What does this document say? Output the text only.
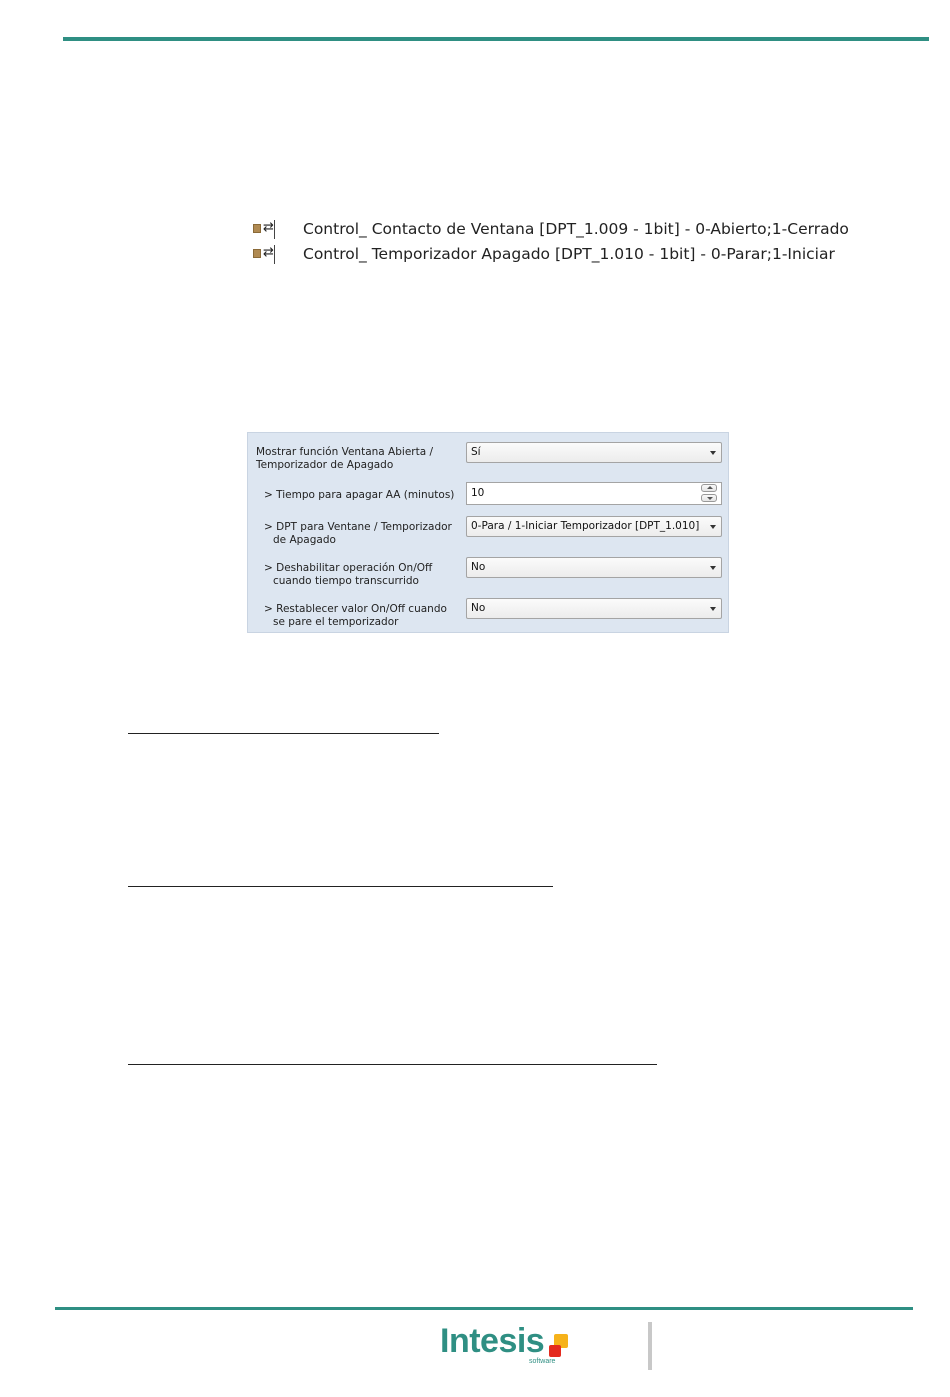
⇄ Control_ Contacto de Ventana [DPT_1.009 - 1bit] - 0-Abierto;1-Cerrado
⇄ Control_ Temporizador Apagado [DPT_1.010 - 1bit] - 0-Parar;1-Iniciar
Mostrar función Ventana Abierta /
Temporizador de Apagado
Sí
> Tiempo para apagar AA (minutos)	10
> DPT para Ventane / Temporizador
de Apagado
0-Para / 1-Iniciar Temporizador [DPT_1.010]
> Deshabilitar operación On/Off
cuando tiempo transcurrido
No
> Restablecer valor On/Off cuando
se pare el temporizador
No
Intesis
software
